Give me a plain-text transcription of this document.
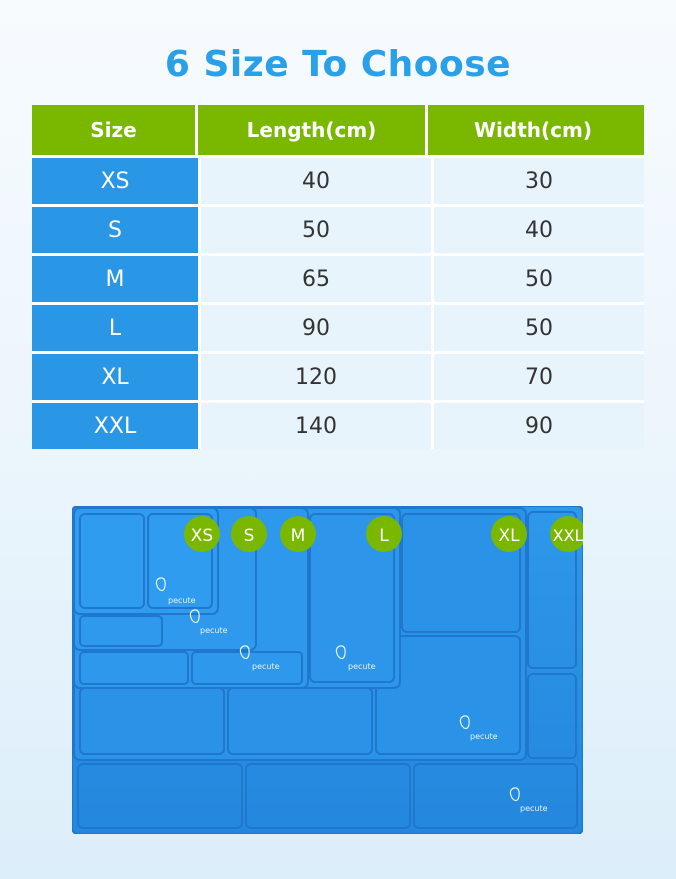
6 Size To Choose
Size	Length(cm)	Width(cm)
XS	40	30
S	50	40
M	65	50
L	90	50
XL	120	70
XXL	140	90
pecute
pecute
pecute	pecute
pecute
pecute
XS S M	L	XL XXL
